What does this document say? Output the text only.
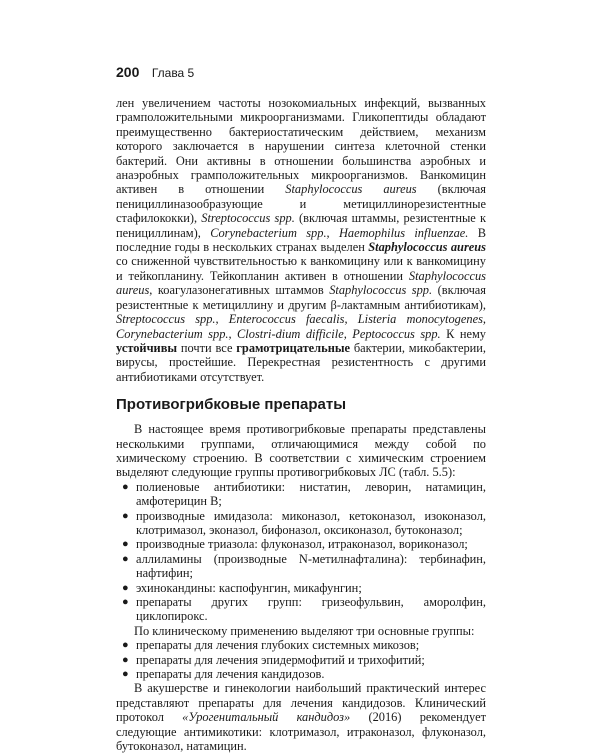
200 Глава 5

лен увеличением частоты нозокомиальных инфекций, вызванных грамположительными микроорганизмами. Гликопептиды обладают преимущественно бактериостатическим действием, механизм которого заключается в нарушении синтеза клеточной стенки бактерий. Они активны в отношении большинства аэробных и анаэробных грамположительных микроорганизмов. Ванкомицин активен в отношении Staphylococcus aureus (включая пенициллиназообразующие и метициллинорезистентные стафилококки), Streptococcus spp. (включая штаммы, резистентные к пенициллинам), Corynebacterium spp., Haemophilus influenzae. В последние годы в нескольких странах выделен Staphylococcus aureus со сниженной чувствительностью к ванкомицину или к ванкомицину и тейкопланину. Тейкопланин активен в отношении Staphylococcus aureus, коагулазонегативных штаммов Staphylococcus spp. (включая резистентные к метициллину и другим β-лактамным антибиотикам), Streptococcus spp., Enterococcus faecalis, Listeria monocytogenes, Corynebacterium spp., Clostri-dium difficile, Peptococcus spp. К нему устойчивы почти все грамотрицательные бактерии, микобактерии, вирусы, простейшие. Перекрестная резистентность с другими антибиотиками отсутствует.

Противогрибковые препараты

В настоящее время противогрибковые препараты представлены несколькими группами, отличающимися между собой по химическому строению. В соответствии с химическим строением выделяют следующие группы противогрибковых ЛС (табл. 5.5):

● полиеновые антибиотики: нистатин, леворин, натамицин, амфотерицин В;
● производные имидазола: миконазол, кетоконазол, изоконазол, клотримазол, эконазол, бифоназол, оксиконазол, бутоконазол;
● производные триазола: флуконазол, итраконазол, вориконазол;
● аллиламины (производные N-метилнафталина): тербинафин, нафтифин;
● эхинокандины: каспофунгин, микафунгин;
● препараты других групп: гризеофульвин, аморолфин, циклопирокс.

По клиническому применению выделяют три основные группы:

● препараты для лечения глубоких системных микозов;
● препараты для лечения эпидермофитий и трихофитий;
● препараты для лечения кандидозов.

В акушерстве и гинекологии наибольший практический интерес представляют препараты для лечения кандидозов. Клинический протокол «Урогенитальный кандидоз» (2016) рекомендует следующие антимикотики: клотримазол, итраконазол, флуконазол, бутоконазол, натамицин.
